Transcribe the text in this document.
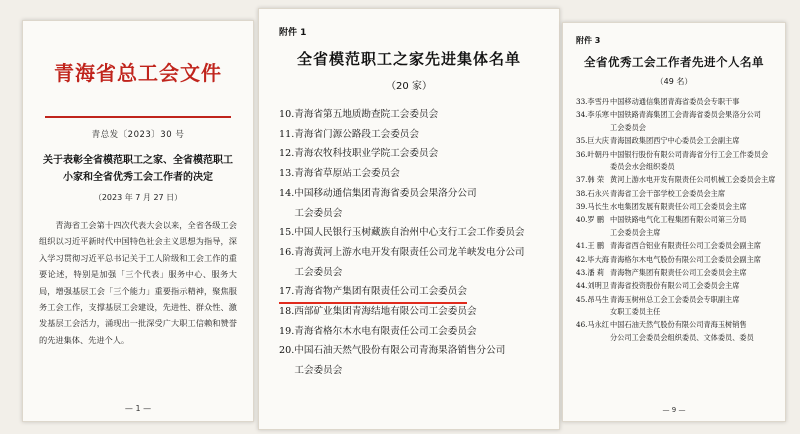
青海省总工会文件
青总发〔2023〕30 号
关于表彰全省模范职工之家、全省模范职工
小家和全省优秀工会工作者的决定
（2023 年 7 月 27 日）

青海省工会第十四次代表大会以来，全省各级工会组织以习近平新时代中国特色社会主义思想为指导，深入学习贯彻习近平总书记关于工人阶级和工会工作的重要论述，特别是加强「三个代表」服务中心、服务大局，增强基层工会「三个能力」重要指示精神，聚焦服务工会工作，支撑基层工会建设，先进性、群众性、激发基层工会活力，涌现出一批深受广大职工信赖和赞誉的先进集体、先进个人。

— 1 —
附件 1
全省模范职工之家先进集体名单
（20 家）
10.青海省第五地质勘查院工会委员会
11.青海省门源公路段工会委员会
12.青海农牧科技职业学院工会委员会
13.青海省草原站工会委员会
14.中国移动通信集团青海省委员会果洛分公司
工会委员会
15.中国人民银行玉树藏族自治州中心支行工会工作委员会
16.青海黄河上游水电开发有限责任公司龙羊峡发电分公司
工会委员会
17.青海省物产集团有限责任公司工会委员会
18.西部矿业集团青海结地有限公司工会委员会
19.青海省格尔木水电有限责任公司工会委员会
20.中国石油天然气股份有限公司青海果洛销售分公司
工会委员会
附件 3
全省优秀工会工作者先进个人名单
（49 名）
33.李雪丹 中国移动通信集团青海省委员会专职干事
34.李乐寒 中国铁路青海集团工会青海省委员会果洛分公司
工会委员会
35.巨大庆 青海国政集团西宁中心委员会工会副主席
36.叶朝丹 中国银行股份有限公司青海省分行工会工作委员会
委员会水会组织委员
37.韩 荣 黄河上游水电开发有限责任公司机械工会委员会主席
38.石永兴 青海省工会干部学校工会委员会主席
39.马长生 水电集团发展有限责任公司工会委员会主席
40.罗 鹏 中国铁路电气化工程集团有限公司第三分局
工会委员会主席
41.王 鹏 青海省西合铝业有限责任公司工会委员会副主席
42.毕大海 青海格尔木电气股份有限公司工会委员会副主席
43.潘 莉 青海物产集团有限责任公司工会委员会主席
44.刘明卫 青海省投资股份有限公司工会委员会主席
45.昂马生 青海玉树州总工会工会委员会专职副主席
女职工委员主任
46.马永红 中国石油天然气股份有限公司青海玉树销售
分公司工会委员会组织委员、文体委员、委员
— 9 —
